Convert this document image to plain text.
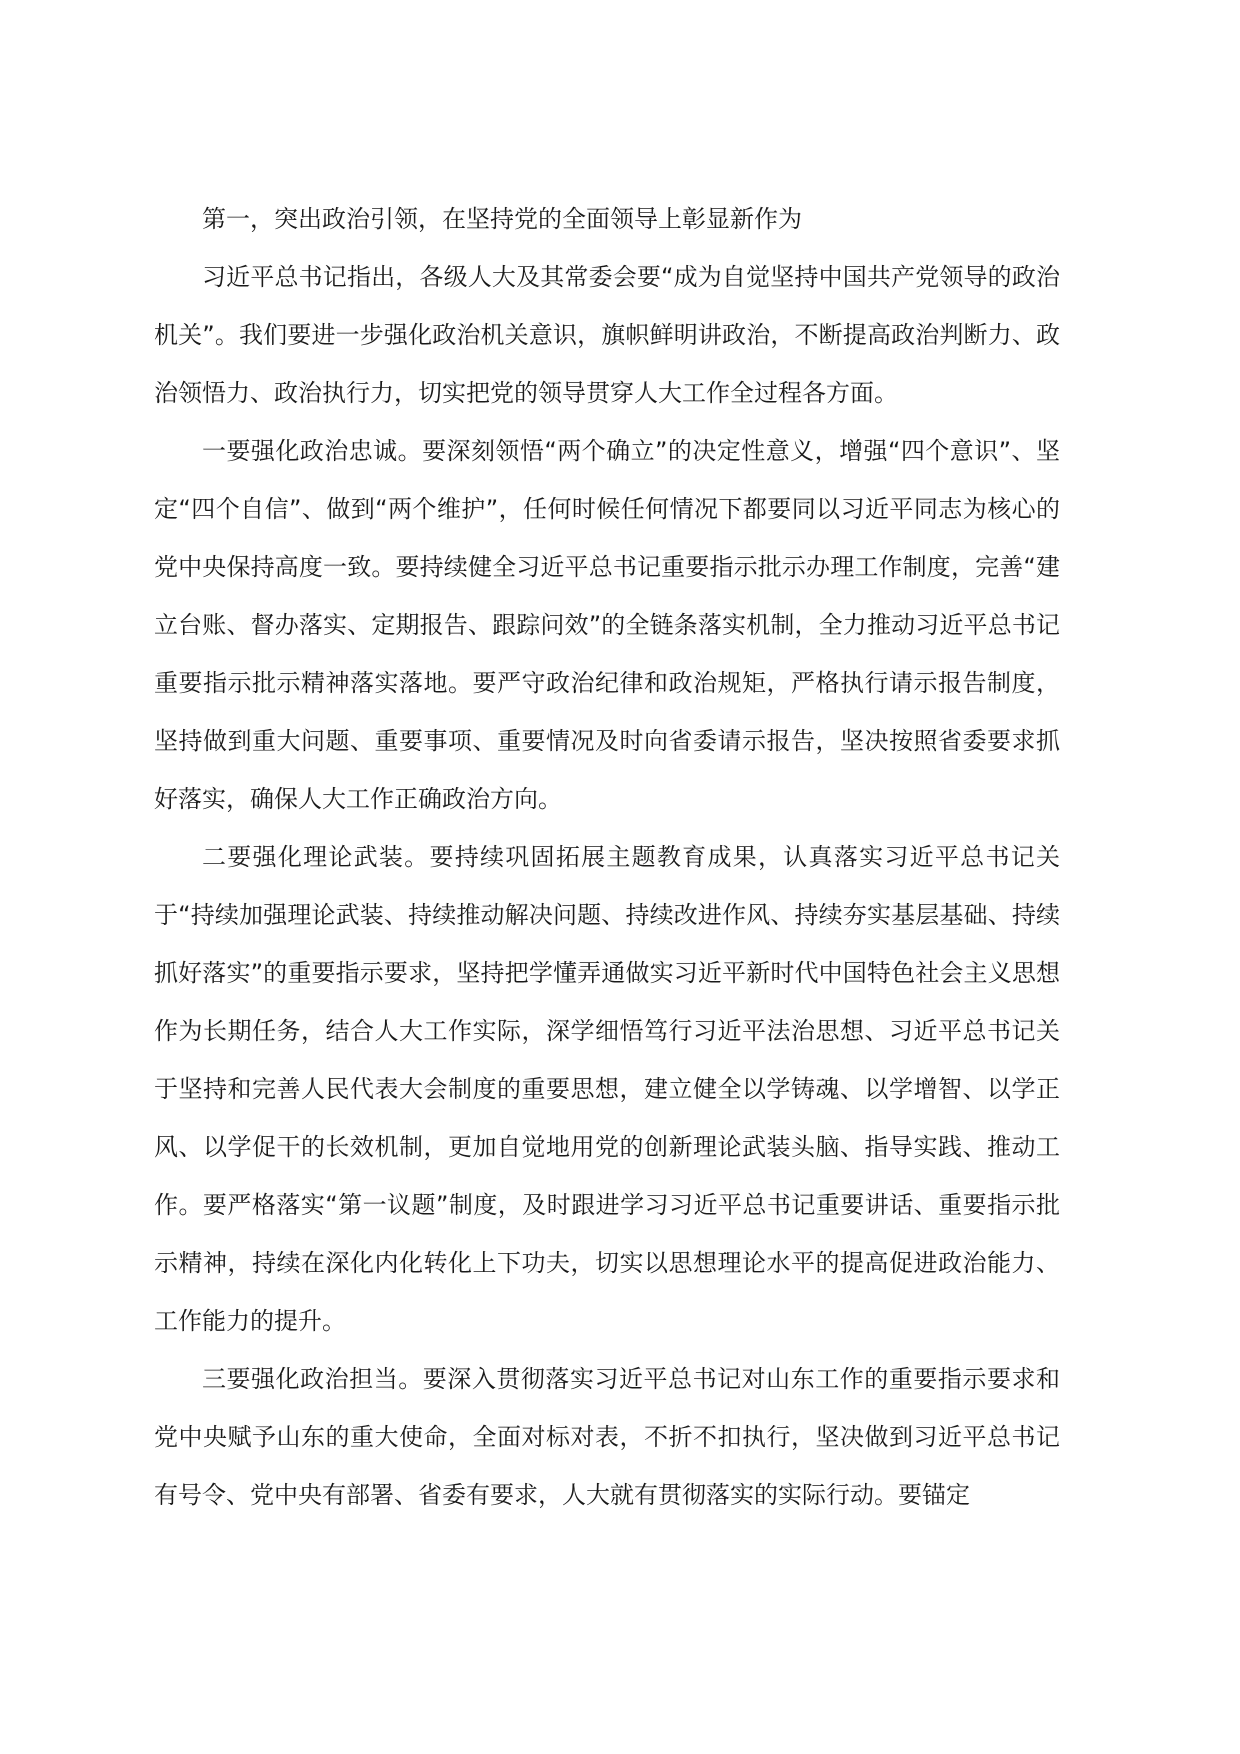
第一，突出政治引领，在坚持党的全面领导上彰显新作为

习近平总书记指出，各级人大及其常委会要“成为自觉坚持中国共产党领导的政治机关”。我们要进一步强化政治机关意识，旗帜鲜明讲政治，不断提高政治判断力、政治领悟力、政治执行力，切实把党的领导贯穿人大工作全过程各方面。

一要强化政治忠诚。要深刻领悟“两个确立”的决定性意义，增强“四个意识”、坚定“四个自信”、做到“两个维护”，任何时候任何情况下都要同以习近平同志为核心的党中央保持高度一致。要持续健全习近平总书记重要指示批示办理工作制度，完善“建立台账、督办落实、定期报告、跟踪问效”的全链条落实机制，全力推动习近平总书记重要指示批示精神落实落地。要严守政治纪律和政治规矩，严格执行请示报告制度，坚持做到重大问题、重要事项、重要情况及时向省委请示报告，坚决按照省委要求抓好落实，确保人大工作正确政治方向。

二要强化理论武装。要持续巩固拓展主题教育成果，认真落实习近平总书记关于“持续加强理论武装、持续推动解决问题、持续改进作风、持续夯实基层基础、持续抓好落实”的重要指示要求，坚持把学懂弄通做实习近平新时代中国特色社会主义思想作为长期任务，结合人大工作实际，深学细悟笃行习近平法治思想、习近平总书记关于坚持和完善人民代表大会制度的重要思想，建立健全以学铸魂、以学增智、以学正风、以学促干的长效机制，更加自觉地用党的创新理论武装头脑、指导实践、推动工作。要严格落实“第一议题”制度，及时跟进学习习近平总书记重要讲话、重要指示批示精神，持续在深化内化转化上下功夫，切实以思想理论水平的提高促进政治能力、工作能力的提升。

三要强化政治担当。要深入贯彻落实习近平总书记对山东工作的重要指示要求和党中央赋予山东的重大使命，全面对标对表，不折不扣执行，坚决做到习近平总书记有号令、党中央有部署、省委有要求，人大就有贯彻落实的实际行动。要锚定
